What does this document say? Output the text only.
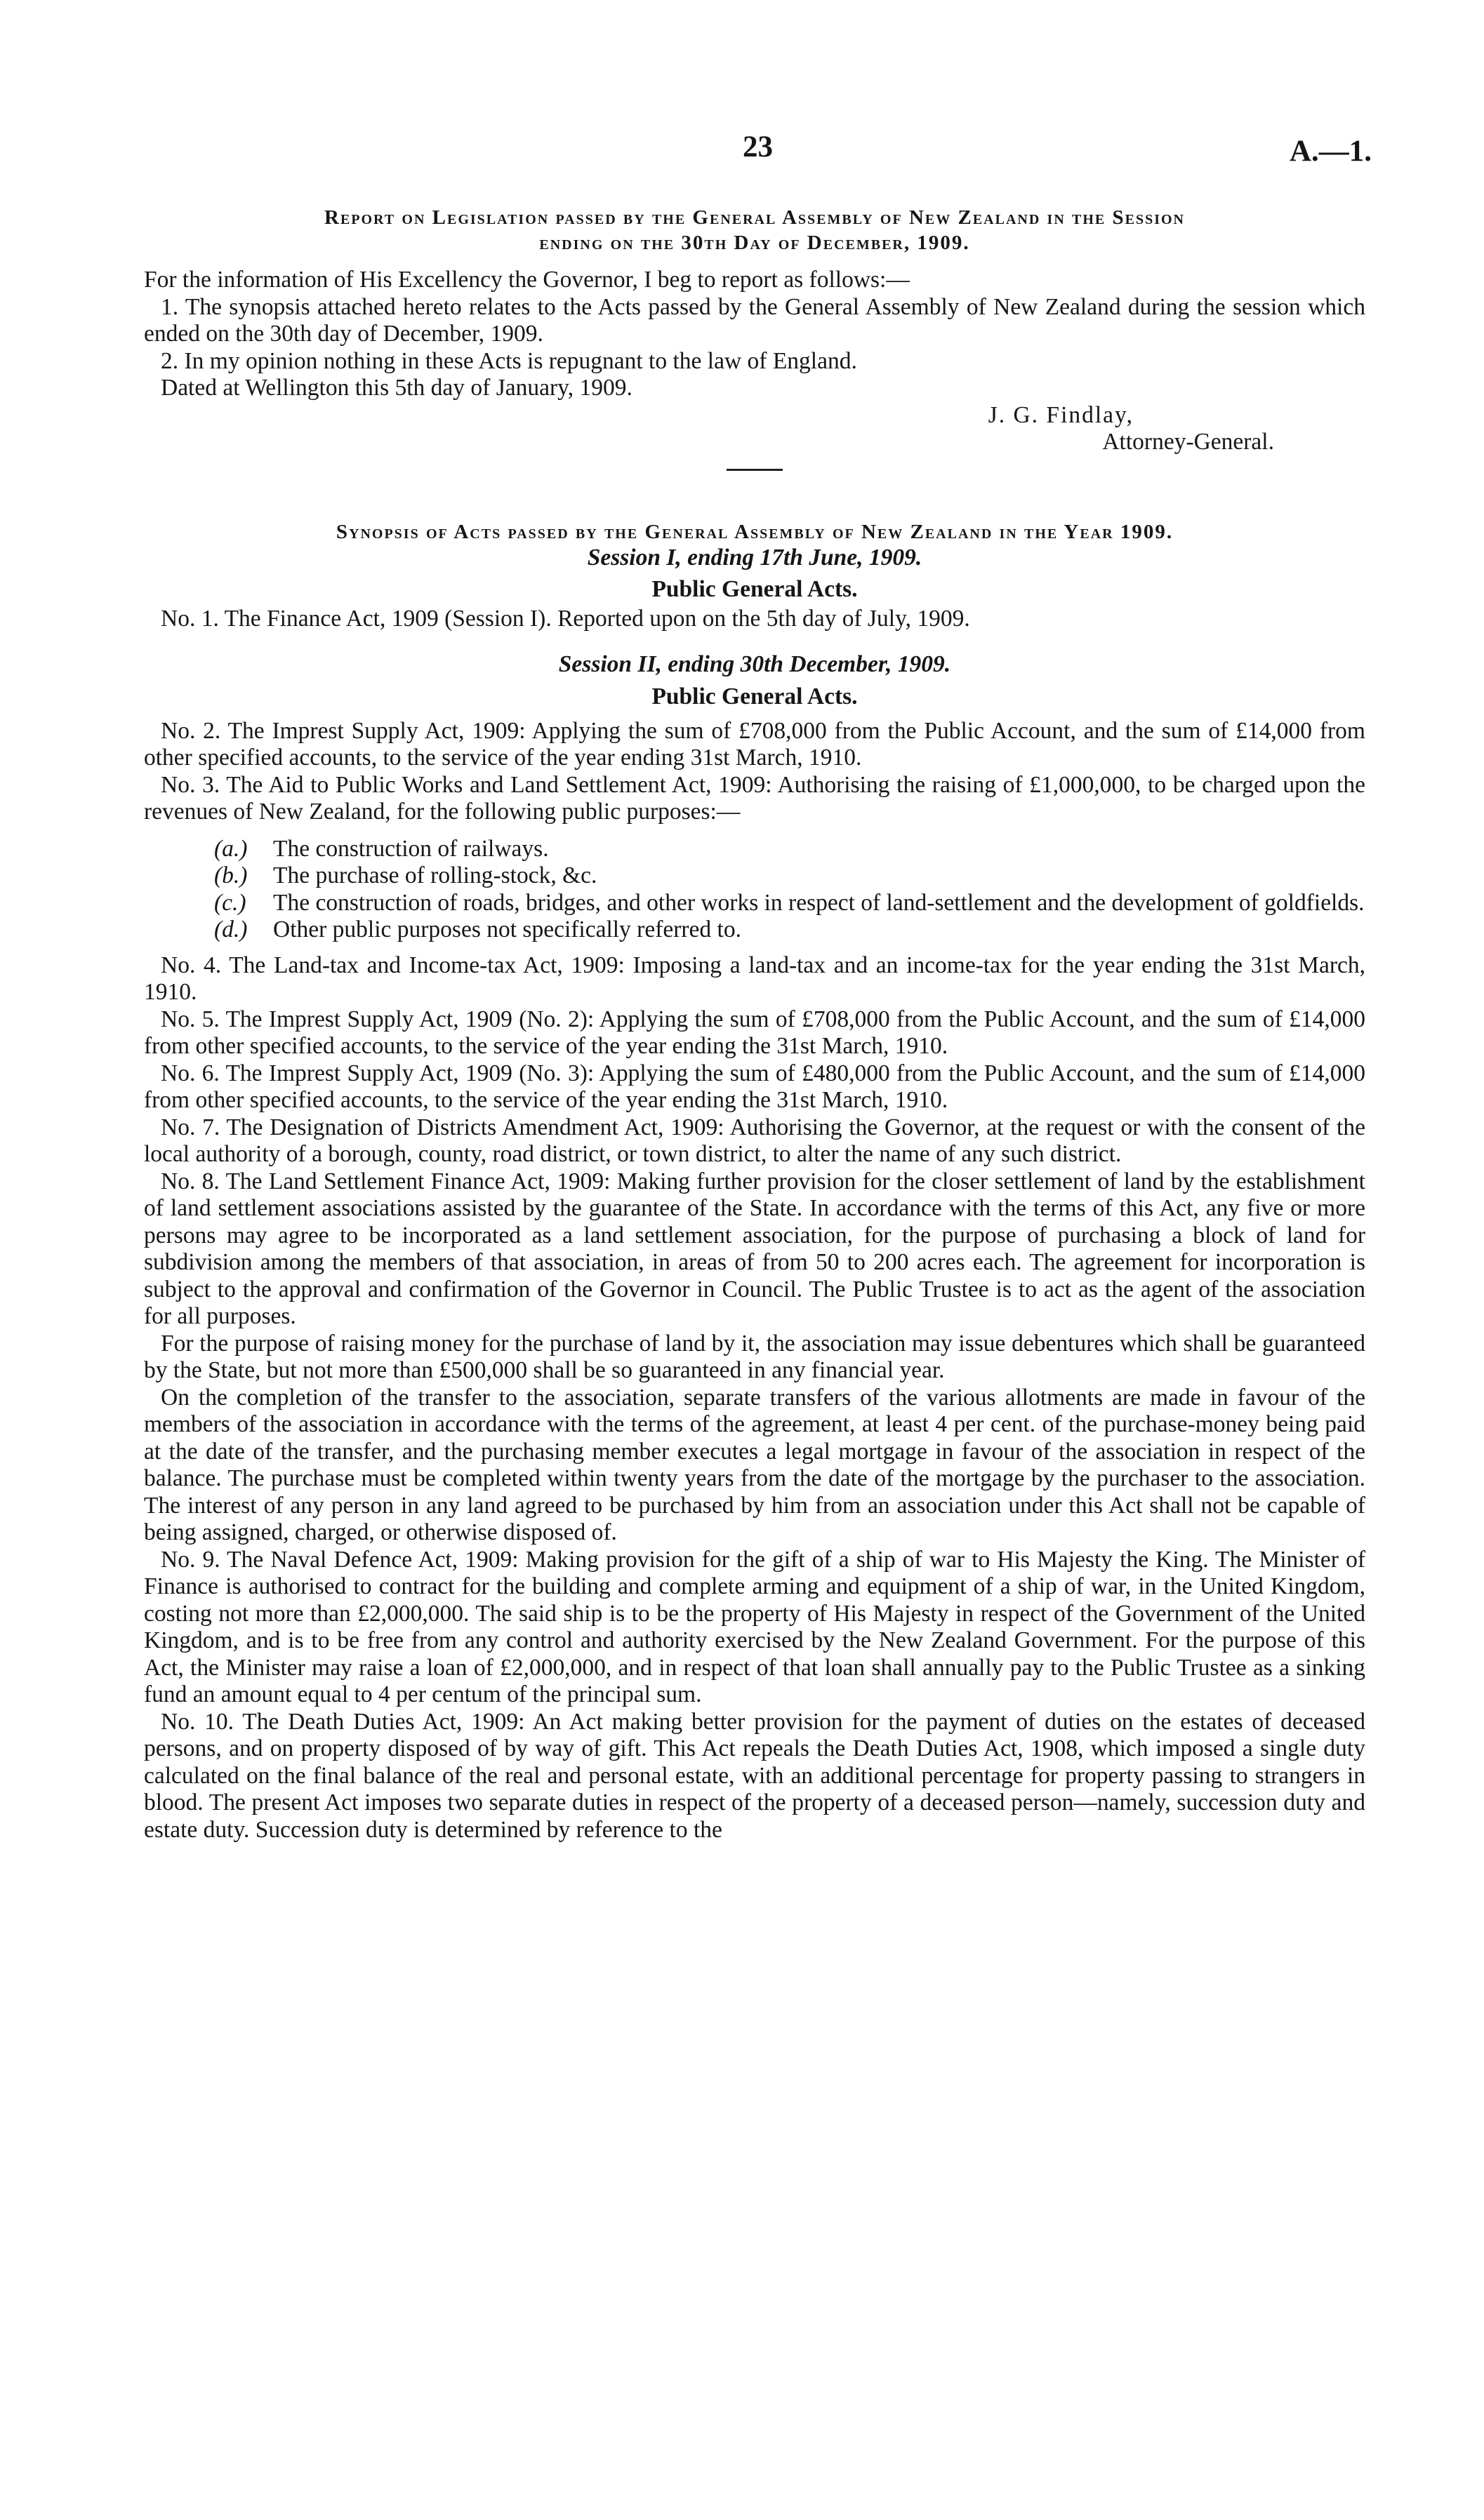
23	A.—1.

Report on Legislation passed by the General Assembly of New Zealand in the Session

ending on the 30th Day of December, 1909.

For the information of His Excellency the Governor, I beg to report as follows:—

1. The synopsis attached hereto relates to the Acts passed by the General Assembly of New Zealand during the session which ended on the 30th day of December, 1909.

2. In my opinion nothing in these Acts is repugnant to the law of England.

Dated at Wellington this 5th day of January, 1909.

J. G. Findlay,

Attorney-General.

Synopsis of Acts passed by the General Assembly of New Zealand in the Year 1909.

Session I, ending 17th June, 1909.

Public General Acts.

No. 1. The Finance Act, 1909 (Session I). Reported upon on the 5th day of July, 1909.

Session II, ending 30th December, 1909.

Public General Acts.

No. 2. The Imprest Supply Act, 1909: Applying the sum of £708,000 from the Public Account, and the sum of £14,000 from other specified accounts, to the service of the year ending 31st March, 1910.

No. 3. The Aid to Public Works and Land Settlement Act, 1909: Authorising the raising of £1,000,000, to be charged upon the revenues of New Zealand, for the following public purposes:—

(a.) The construction of railways.
(b.) The purchase of rolling-stock, &c.
(c.) The construction of roads, bridges, and other works in respect of land-settlement and the development of goldfields.
(d.) Other public purposes not specifically referred to.

No. 4. The Land-tax and Income-tax Act, 1909: Imposing a land-tax and an income-tax for the year ending the 31st March, 1910.

No. 5. The Imprest Supply Act, 1909 (No. 2): Applying the sum of £708,000 from the Public Account, and the sum of £14,000 from other specified accounts, to the service of the year ending the 31st March, 1910.

No. 6. The Imprest Supply Act, 1909 (No. 3): Applying the sum of £480,000 from the Public Account, and the sum of £14,000 from other specified accounts, to the service of the year ending the 31st March, 1910.

No. 7. The Designation of Districts Amendment Act, 1909: Authorising the Governor, at the request or with the consent of the local authority of a borough, county, road district, or town district, to alter the name of any such district.

No. 8. The Land Settlement Finance Act, 1909: Making further provision for the closer settlement of land by the establishment of land settlement associations assisted by the guarantee of the State. In accordance with the terms of this Act, any five or more persons may agree to be incorporated as a land settlement association, for the purpose of purchasing a block of land for subdivision among the members of that association, in areas of from 50 to 200 acres each. The agreement for incorporation is subject to the approval and confirmation of the Governor in Council. The Public Trustee is to act as the agent of the association for all purposes.

For the purpose of raising money for the purchase of land by it, the association may issue debentures which shall be guaranteed by the State, but not more than £500,000 shall be so guaranteed in any financial year.

On the completion of the transfer to the association, separate transfers of the various allotments are made in favour of the members of the association in accordance with the terms of the agreement, at least 4 per cent. of the purchase-money being paid at the date of the transfer, and the purchasing member executes a legal mortgage in favour of the association in respect of the balance. The purchase must be completed within twenty years from the date of the mortgage by the purchaser to the association. The interest of any person in any land agreed to be purchased by him from an association under this Act shall not be capable of being assigned, charged, or otherwise disposed of.

No. 9. The Naval Defence Act, 1909: Making provision for the gift of a ship of war to His Majesty the King. The Minister of Finance is authorised to contract for the building and complete arming and equipment of a ship of war, in the United Kingdom, costing not more than £2,000,000. The said ship is to be the property of His Majesty in respect of the Government of the United Kingdom, and is to be free from any control and authority exercised by the New Zealand Government. For the purpose of this Act, the Minister may raise a loan of £2,000,000, and in respect of that loan shall annually pay to the Public Trustee as a sinking fund an amount equal to 4 per centum of the principal sum.

No. 10. The Death Duties Act, 1909: An Act making better provision for the payment of duties on the estates of deceased persons, and on property disposed of by way of gift. This Act repeals the Death Duties Act, 1908, which imposed a single duty calculated on the final balance of the real and personal estate, with an additional percentage for property passing to strangers in blood. The present Act imposes two separate duties in respect of the property of a deceased person—namely, succession duty and estate duty. Succession duty is determined by reference to the
